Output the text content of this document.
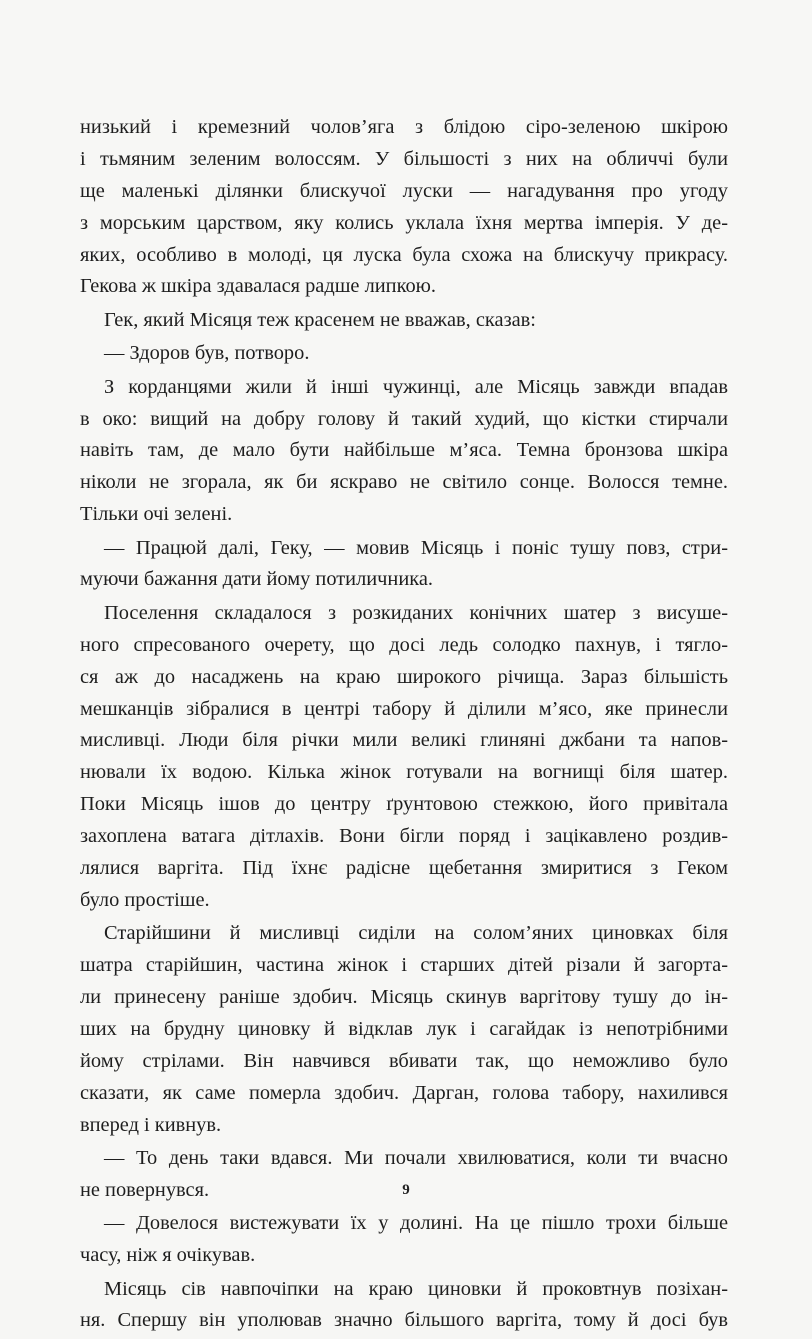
низький і кремезний чолов’яга з блідою сіро-зеленою шкірою
і тьмяним зеленим волоссям. У більшості з них на обличчі були
ще маленькі ділянки блискучої луски — нагадування про угоду
з морським царством, яку колись уклала їхня мертва імперія. У де-
яких, особливо в молоді, ця луска була схожа на блискучу прикрасу.
Гекова ж шкіра здавалася радше липкою.
Гек, який Місяця теж красенем не вважав, сказав:
— Здоров був, потворо.
З корданцями жили й інші чужинці, але Місяць завжди впадав
в око: вищий на добру голову й такий худий, що кістки стирчали
навіть там, де мало бути найбільше м’яса. Темна бронзова шкіра
ніколи не згорала, як би яскраво не світило сонце. Волосся темне.
Тільки очі зелені.
— Працюй далі, Геку, — мовив Місяць і поніс тушу повз, стри-
муючи бажання дати йому потиличника.
Поселення складалося з розкиданих конічних шатер з висуше-
ного спресованого очерету, що досі ледь солодко пахнув, і тягло-
ся аж до насаджень на краю широкого річища. Зараз більшість
мешканців зібралися в центрі табору й ділили м’ясо, яке принесли
мисливці. Люди біля річки мили великі глиняні джбани та напов-
нювали їх водою. Кілька жінок готували на вогнищі біля шатер.
Поки Місяць ішов до центру ґрунтовою стежкою, його привітала
захоплена ватага дітлахів. Вони бігли поряд і зацікавлено роздив-
лялися варгіта. Під їхнє радісне щебетання змиритися з Геком
було простіше.
Старійшини й мисливці сиділи на солом’яних циновках біля
шатра старійшин, частина жінок і старших дітей різали й загорта-
ли принесену раніше здобич. Місяць скинув варгітову тушу до ін-
ших на брудну циновку й відклав лук і сагайдак із непотрібними
йому стрілами. Він навчився вбивати так, що неможливо було
сказати, як саме померла здобич. Дарган, голова табору, нахилився
вперед і кивнув.
— То день таки вдався. Ми почали хвилюватися, коли ти вчасно
не повернувся.
— Довелося вистежувати їх у долині. На це пішло трохи більше
часу, ніж я очікував.
Місяць сів навпочіпки на краю циновки й проковтнув позіхан-
ня. Спершу він уполював значно більшого варгіта, тому й досі був
9
